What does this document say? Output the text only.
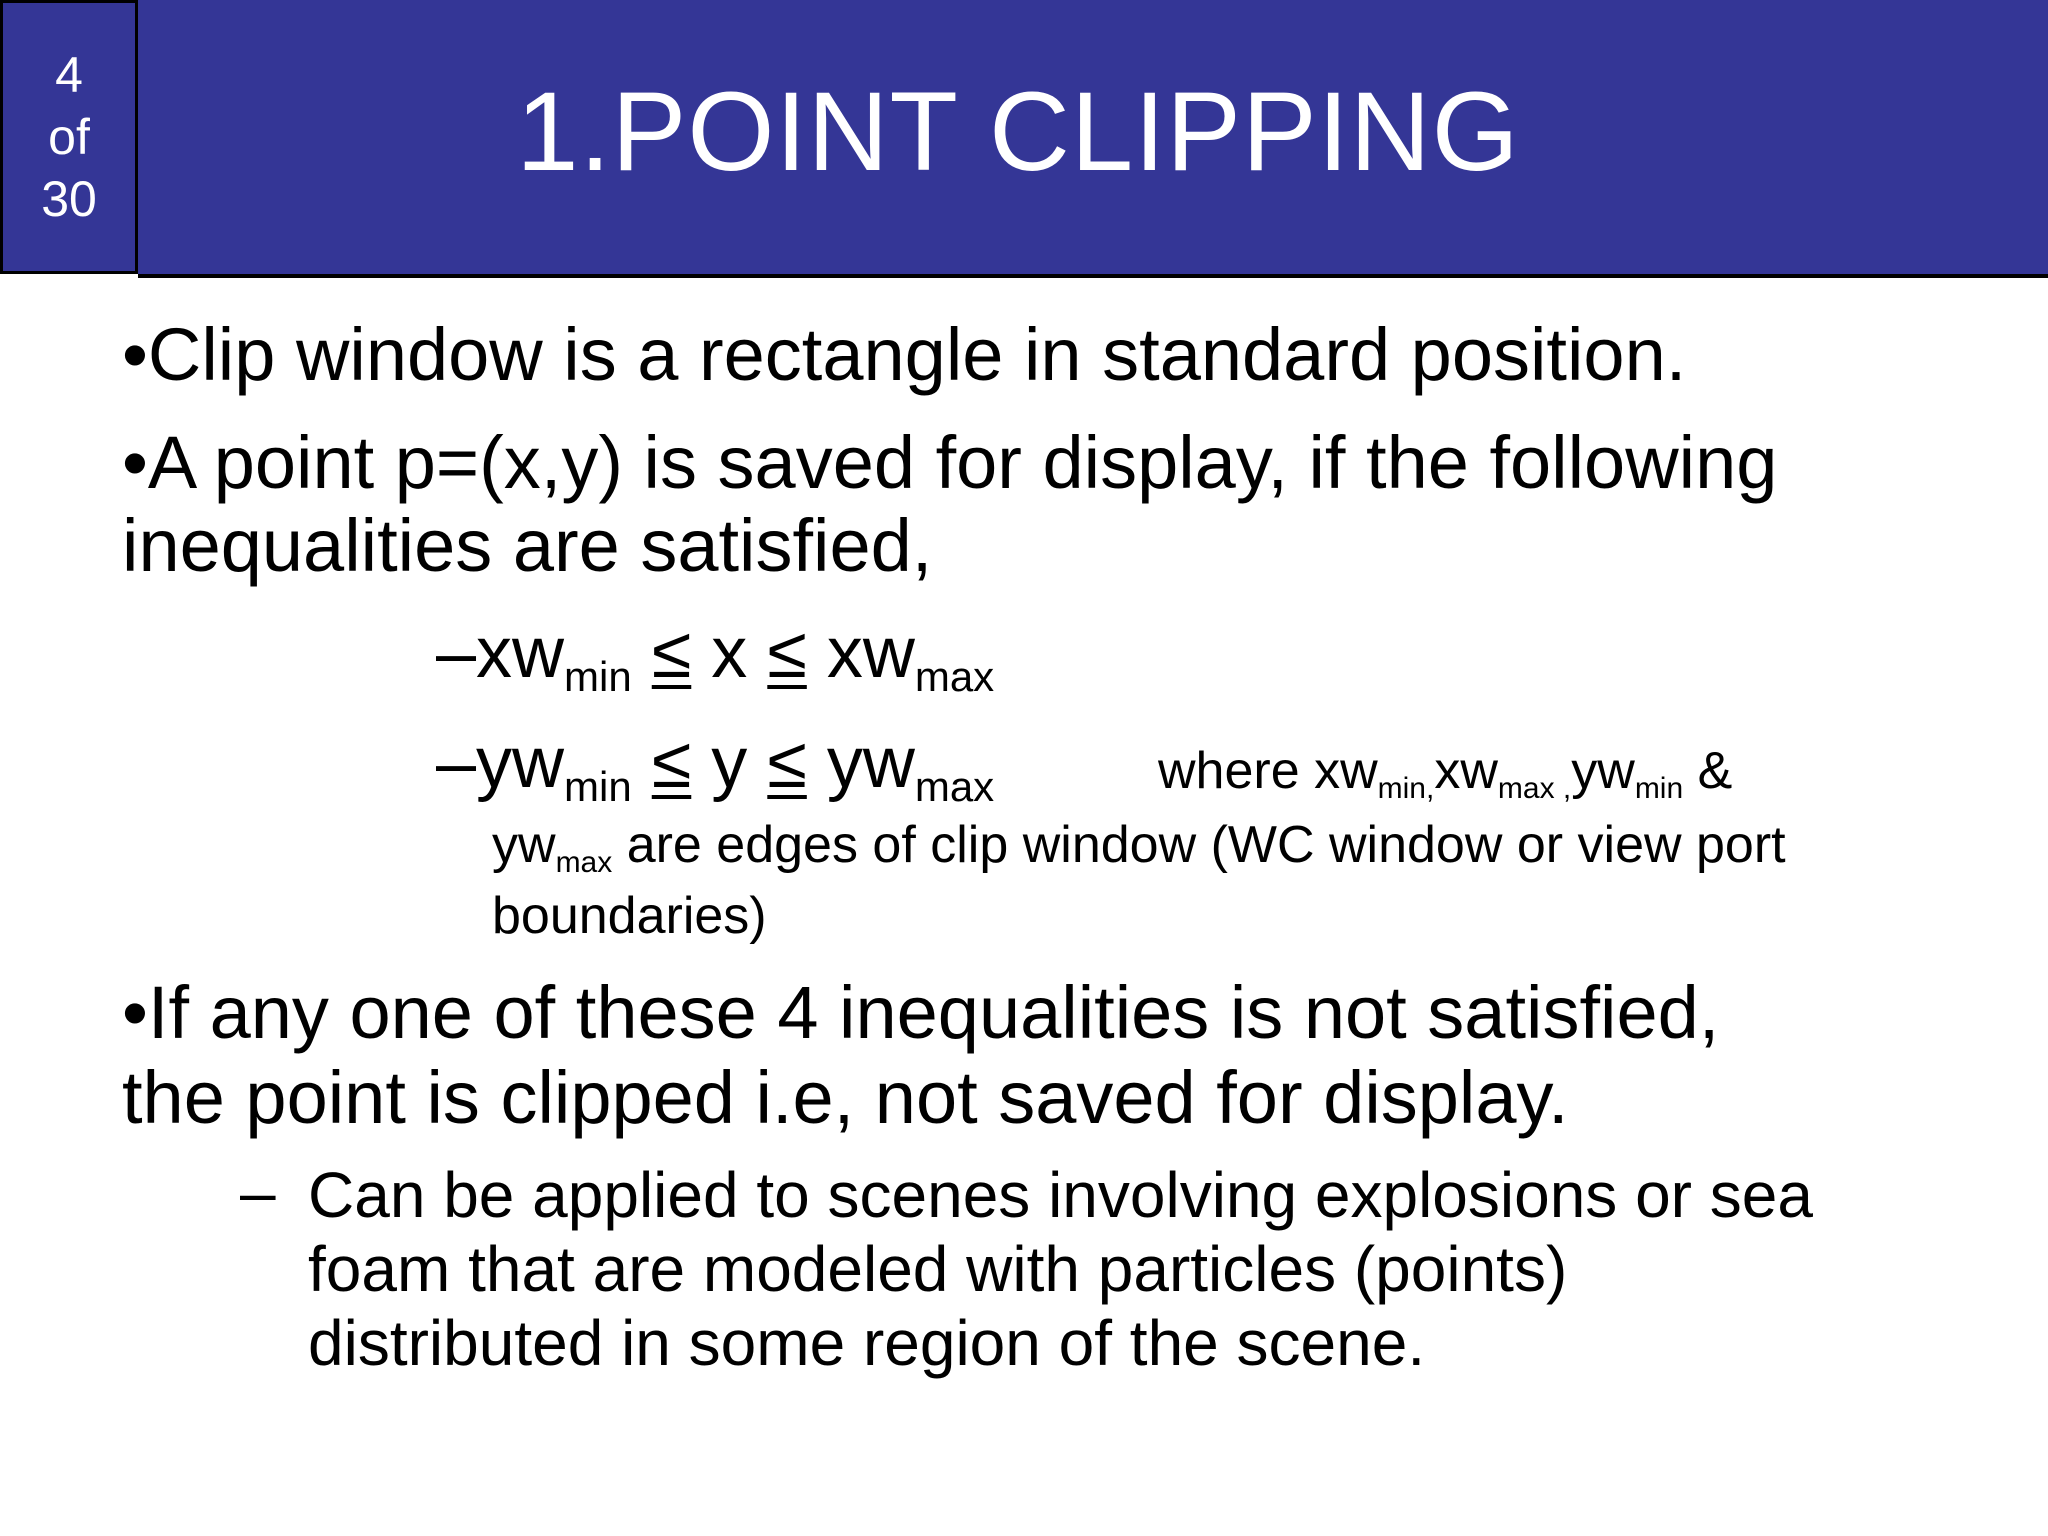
4
of
30
1.POINT CLIPPING
•Clip window is a rectangle in standard position.
•A point p=(x,y) is saved for display, if the following
inequalities are satisfied,
$-xw_{min} \le x \le xw_{max}$
$-yw_{min} \le y \le yw_{max}$	where $xw_{min,}xw_{max ,}yw_{min}$ &
$yw_{max}$ are edges of clip window (WC window or view port
boundaries)
•If any one of these 4 inequalities is not satisfied,
the point is clipped i.e, not saved for display.
– Can be applied to scenes involving explosions or sea
foam that are modeled with particles (points)
distributed in some region of the scene.
